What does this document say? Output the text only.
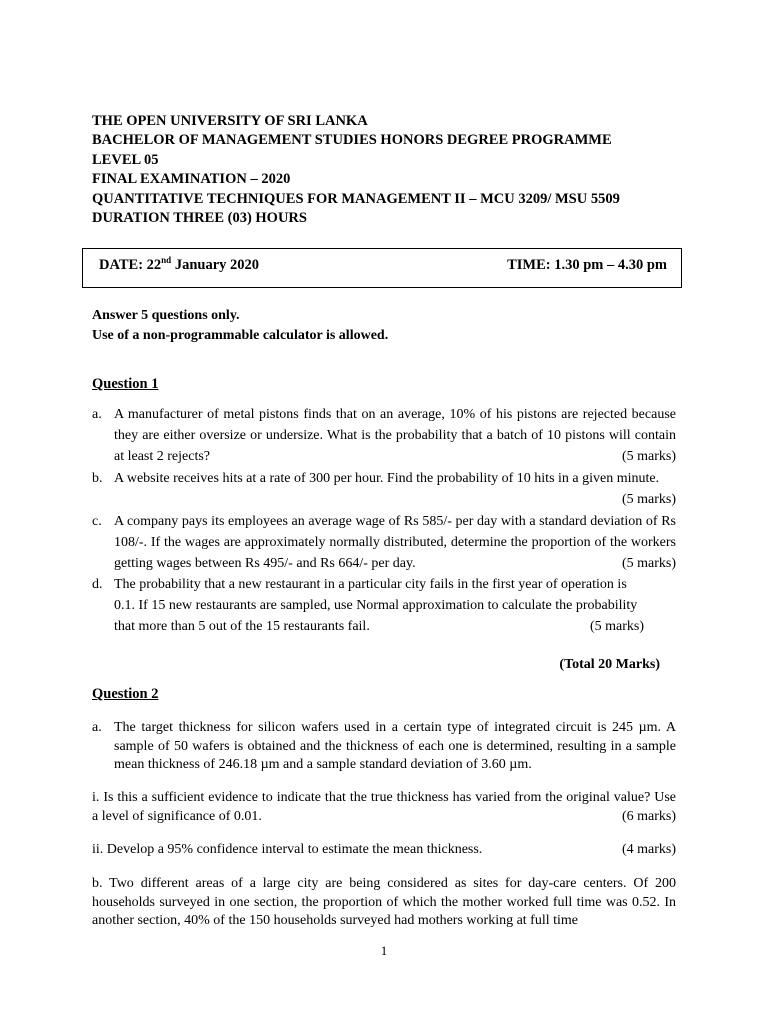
THE OPEN UNIVERSITY OF SRI LANKA
BACHELOR OF MANAGEMENT STUDIES HONORS DEGREE PROGRAMME
LEVEL 05
FINAL EXAMINATION – 2020
QUANTITATIVE TECHNIQUES FOR MANAGEMENT II – MCU 3209/ MSU 5509
DURATION THREE (03) HOURS
DATE: 22nd January 2020	TIME: 1.30 pm – 4.30 pm
Answer 5 questions only.
Use of a non-programmable calculator is allowed.
Question 1
a. A manufacturer of metal pistons finds that on an average, 10% of his pistons are rejected because they are either oversize or undersize. What is the probability that a batch of 10 pistons will contain at least 2 rejects?	(5 marks)
b. A website receives hits at a rate of 300 per hour. Find the probability of 10 hits in a given minute.
(5 marks)
c. A company pays its employees an average wage of Rs 585/- per day with a standard deviation of Rs 108/-. If the wages are approximately normally distributed, determine the proportion of the workers getting wages between Rs 495/- and Rs 664/- per day.	(5 marks)
d. The probability that a new restaurant in a particular city fails in the first year of operation is 0.1. If 15 new restaurants are sampled, use Normal approximation to calculate the probability that more than 5 out of the 15 restaurants fail.	(5 marks)
(Total 20 Marks)
Question 2
a. The target thickness for silicon wafers used in a certain type of integrated circuit is 245 µm. A sample of 50 wafers is obtained and the thickness of each one is determined, resulting in a sample mean thickness of 246.18 µm and a sample standard deviation of 3.60 µm.
i. Is this a sufficient evidence to indicate that the true thickness has varied from the original value? Use a level of significance of 0.01.	(6 marks)
ii. Develop a 95% confidence interval to estimate the mean thickness.	(4 marks)
b. Two different areas of a large city are being considered as sites for day-care centers. Of 200 households surveyed in one section, the proportion of which the mother worked full time was 0.52. In another section, 40% of the 150 households surveyed had mothers working at full time
1
